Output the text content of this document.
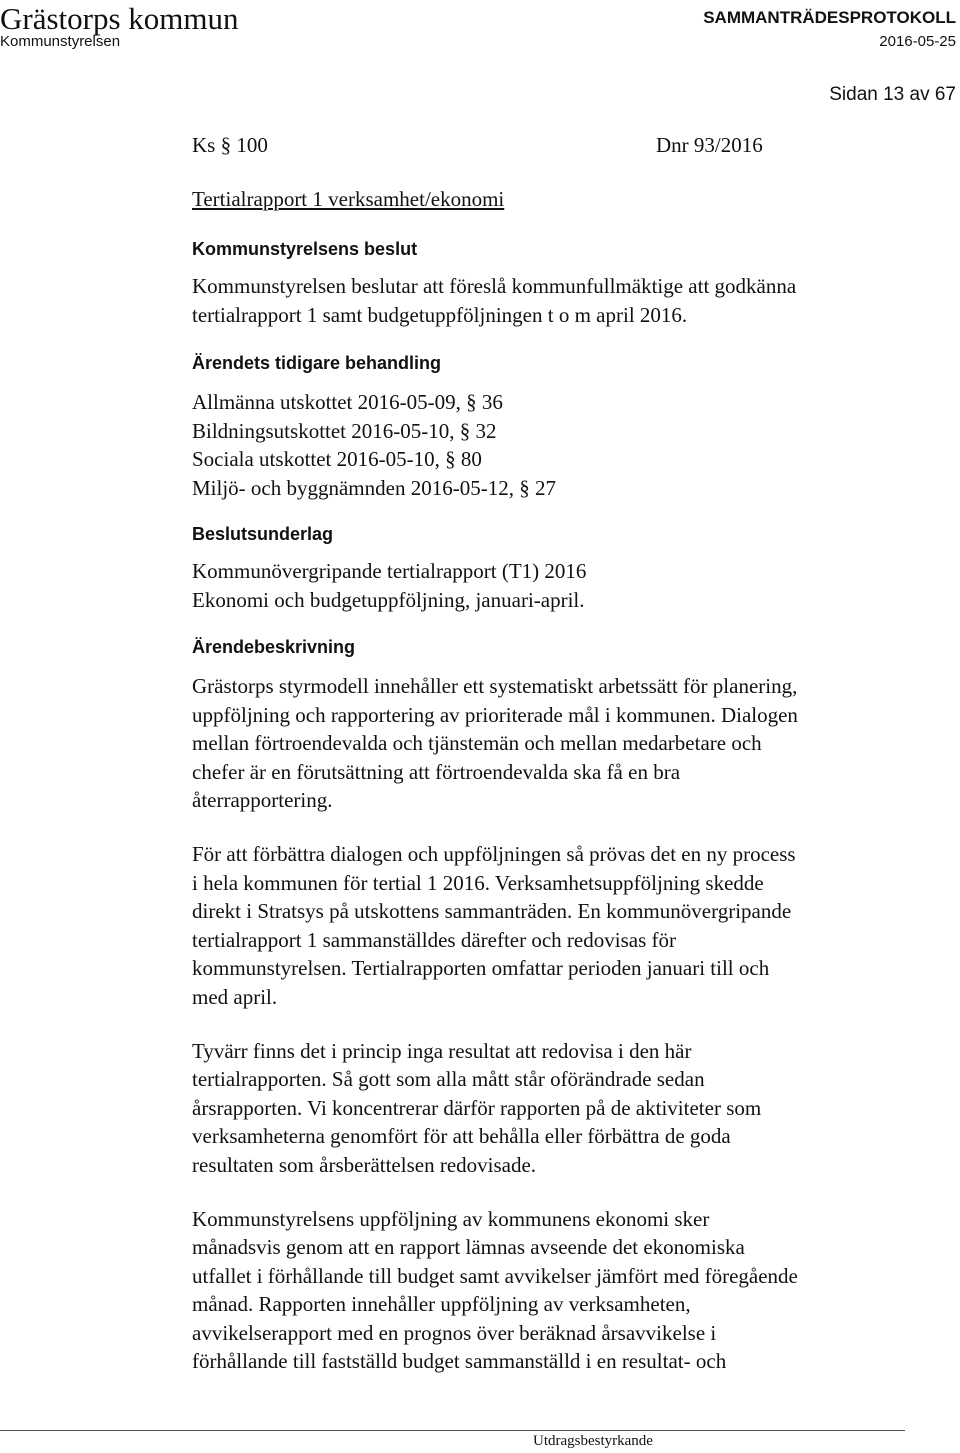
Grästorps kommun
Kommunstyrelsen
SAMMANTRÄDESPROTOKOLL
2016-05-25
Sidan 13 av 67
Ks § 100	Dnr 93/2016
Tertialrapport 1 verksamhet/ekonomi

Kommunstyrelsens beslut

Kommunstyrelsen beslutar att föreslå kommunfullmäktige att godkänna
tertialrapport 1 samt budgetuppföljningen t o m april 2016.

Ärendets tidigare behandling

Allmänna utskottet 2016-05-09, § 36
Bildningsutskottet 2016-05-10, § 32
Sociala utskottet 2016-05-10, § 80
Miljö- och byggnämnden 2016-05-12, § 27

Beslutsunderlag

Kommunövergripande tertialrapport (T1) 2016
Ekonomi och budgetuppföljning, januari-april.

Ärendebeskrivning

Grästorps styrmodell innehåller ett systematiskt arbetssätt för planering,
uppföljning och rapportering av prioriterade mål i kommunen. Dialogen
mellan förtroendevalda och tjänstemän och mellan medarbetare och
chefer är en förutsättning att förtroendevalda ska få en bra
återrapportering.
För att förbättra dialogen och uppföljningen så prövas det en ny process
i hela kommunen för tertial 1 2016. Verksamhetsuppföljning skedde
direkt i Stratsys på utskottens sammanträden. En kommunövergripande
tertialrapport 1 sammanställdes därefter och redovisas för
kommunstyrelsen. Tertialrapporten omfattar perioden januari till och
med april.
Tyvärr finns det i princip inga resultat att redovisa i den här
tertialrapporten. Så gott som alla mått står oförändrade sedan
årsrapporten. Vi koncentrerar därför rapporten på de aktiviteter som
verksamheterna genomfört för att behålla eller förbättra de goda
resultaten som årsberättelsen redovisade.
Kommunstyrelsens uppföljning av kommunens ekonomi sker
månadsvis genom att en rapport lämnas avseende det ekonomiska
utfallet i förhållande till budget samt avvikelser jämfört med föregående
månad. Rapporten innehåller uppföljning av verksamheten,
avvikelserapport med en prognos över beräknad årsavvikelse i
förhållande till fastställd budget sammanställd i en resultat- och
Utdragsbestyrkande
